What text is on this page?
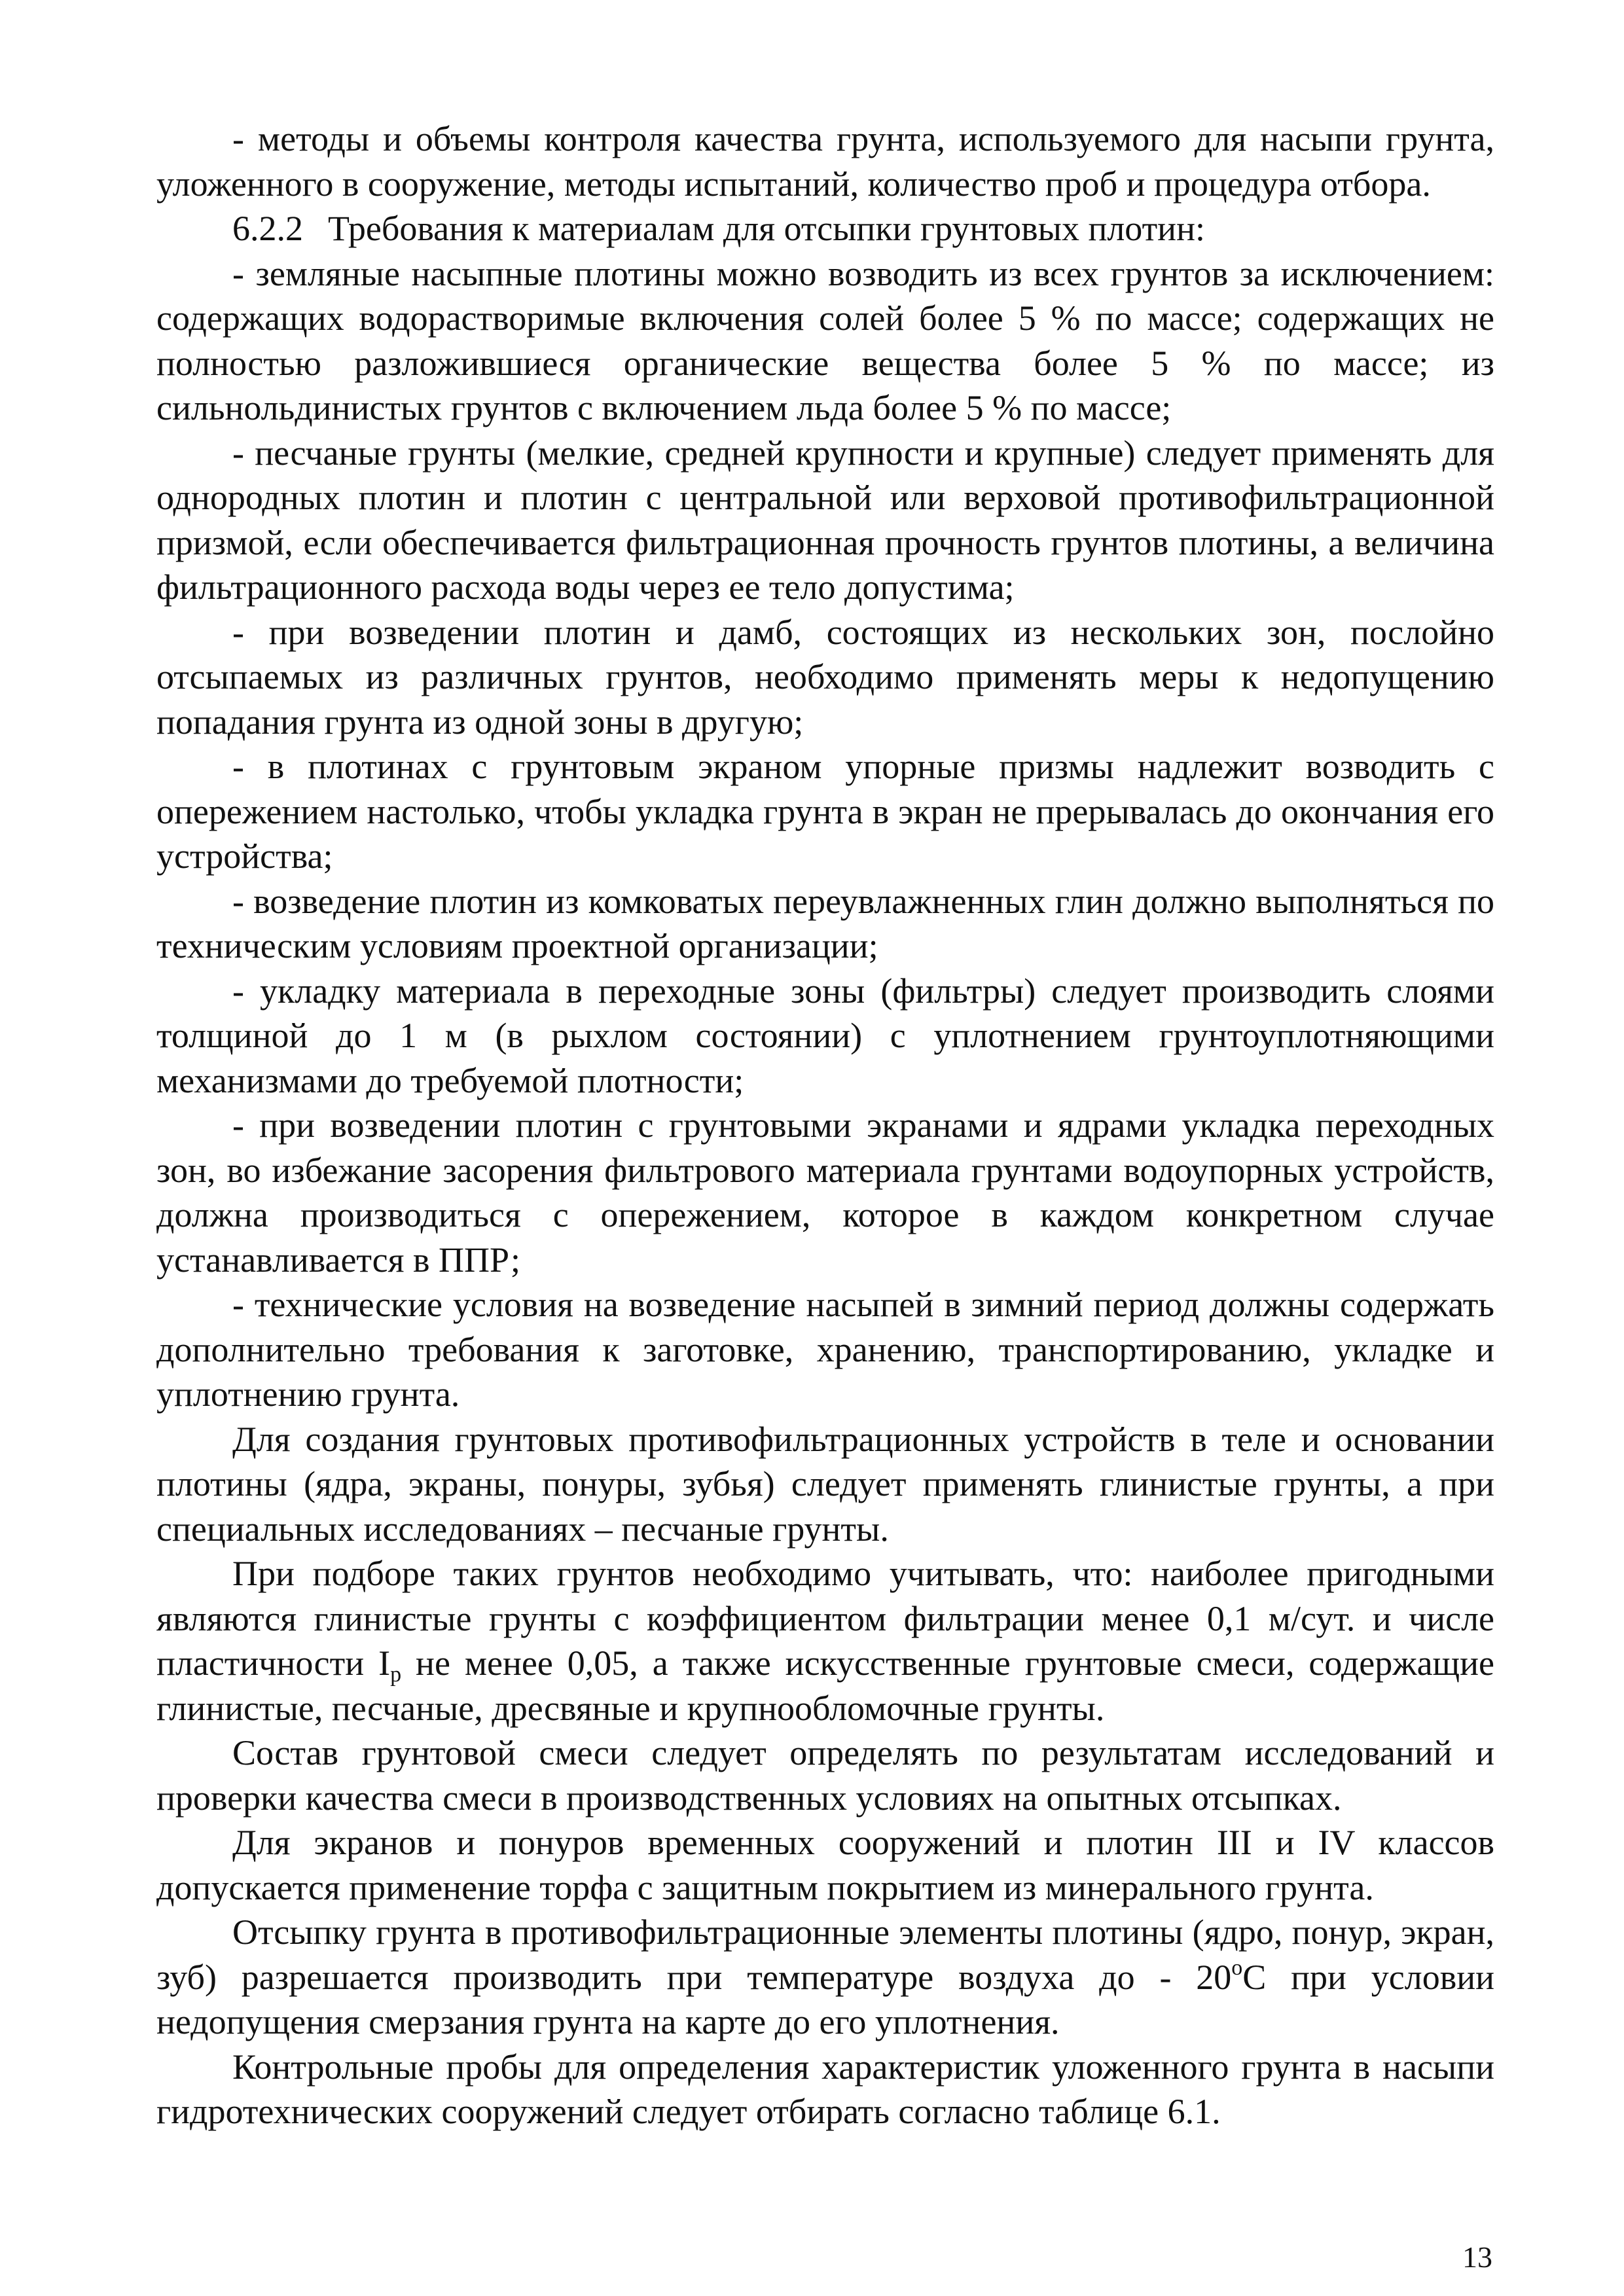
- методы и объемы контроля качества грунта, используемого для насыпи грунта, уложенного в сооружение, методы испытаний, количество проб и процедура отбора.

6.2.2 Требования к материалам для отсыпки грунтовых плотин:

- земляные насыпные плотины можно возводить из всех грунтов за исключением: содержащих водорастворимые включения солей более 5 % по массе; содержащих не полностью разложившиеся органические вещества более 5 % по массе; из сильнольдинистых грунтов с включением льда более 5 % по массе;

- песчаные грунты (мелкие, средней крупности и крупные) следует применять для однородных плотин и плотин с центральной или верховой противофильтрационной призмой, если обеспечивается фильтрационная прочность грунтов плотины, а величина фильтрационного расхода воды через ее тело допустима;

- при возведении плотин и дамб, состоящих из нескольких зон, послойно отсыпаемых из различных грунтов, необходимо применять меры к недопущению попадания грунта из одной зоны в другую;

- в плотинах с грунтовым экраном упорные призмы надлежит возводить с опережением настолько, чтобы укладка грунта в экран не прерывалась до окончания его устройства;

- возведение плотин из комковатых переувлажненных глин должно выполняться по техническим условиям проектной организации;

- укладку материала в переходные зоны (фильтры) следует производить слоями толщиной до 1 м (в рыхлом состоянии) с уплотнением грунтоуплотняющими механизмами до требуемой плотности;

- при возведении плотин с грунтовыми экранами и ядрами укладка переходных зон, во избежание засорения фильтрового материала грунтами водоупорных устройств, должна производиться с опережением, которое в каждом конкретном случае устанавливается в ППР;

- технические условия на возведение насыпей в зимний период должны содержать дополнительно требования к заготовке, хранению, транспортированию, укладке и уплотнению грунта.

Для создания грунтовых противофильтрационных устройств в теле и основании плотины (ядра, экраны, понуры, зубья) следует применять глинистые грунты, а при специальных исследованиях – песчаные грунты.

При подборе таких грунтов необходимо учитывать, что: наиболее пригодными являются глинистые грунты с коэффициентом фильтрации менее 0,1 м/сут. и числе пластичности $I_p$ не менее 0,05, а также искусственные грунтовые смеси, содержащие глинистые, песчаные, дресвяные и крупнообломочные грунты.

Состав грунтовой смеси следует определять по результатам исследований и проверки качества смеси в производственных условиях на опытных отсыпках.

Для экранов и понуров временных сооружений и плотин III и IV классов допускается применение торфа с защитным покрытием из минерального грунта.

Отсыпку грунта в противофильтрационные элементы плотины (ядро, понур, экран, зуб) разрешается производить при температуре воздуха до - $20^оС$ при условии недопущения смерзания грунта на карте до его уплотнения.

Контрольные пробы для определения характеристик уложенного грунта в насыпи гидротехнических сооружений следует отбирать согласно таблице 6.1.

13
